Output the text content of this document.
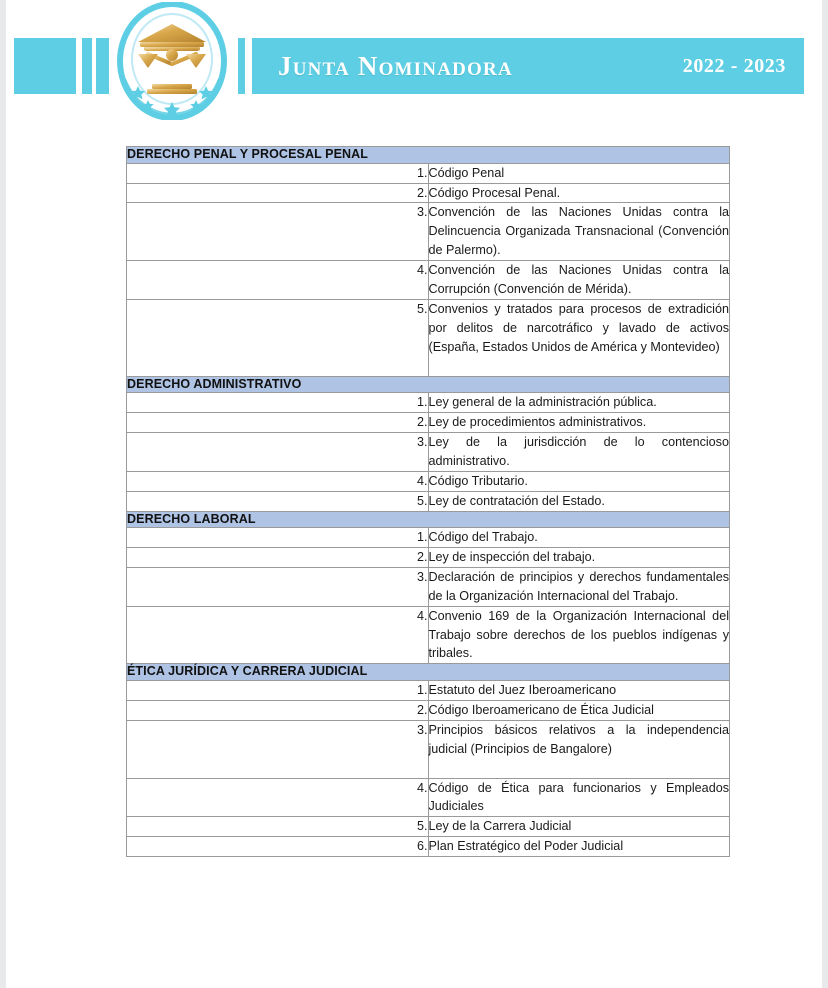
Junta Nominadora	2022 - 2023
DERECHO PENAL Y PROCESAL PENAL	
1.	Código Penal
2.	Código Procesal Penal.
3.	Convención de las Naciones Unidas contra la Delincuencia Organizada Transnacional (Convención de Palermo).
4.	Convención de las Naciones Unidas contra la Corrupción (Convención de Mérida).
5.	Convenios y tratados para procesos de extradición por delitos de narcotráfico y lavado de activos (España, Estados Unidos de América y Montevideo)

DERECHO ADMINISTRATIVO	
1.	Ley general de la administración pública.
2.	Ley de procedimientos administrativos.
3.	Ley de la jurisdicción de lo contencioso administrativo.
4.	Código Tributario.
5.	Ley de contratación del Estado.
DERECHO LABORAL	
1.	Código del Trabajo.
2.	Ley de inspección del trabajo.
3.	Declaración de principios y derechos fundamentales de la Organización Internacional del Trabajo.
4.	Convenio 169 de la Organización Internacional del Trabajo sobre derechos de los pueblos indígenas y tribales.
ÉTICA JURÍDICA Y CARRERA JUDICIAL	
1.	Estatuto del Juez Iberoamericano
2.	Código Iberoamericano de Ética Judicial
3.	Principios básicos relativos a la independencia judicial (Principios de Bangalore)

4.	Código de Ética para funcionarios y Empleados Judiciales
5.	Ley de la Carrera Judicial
6.	Plan Estratégico del Poder Judicial
